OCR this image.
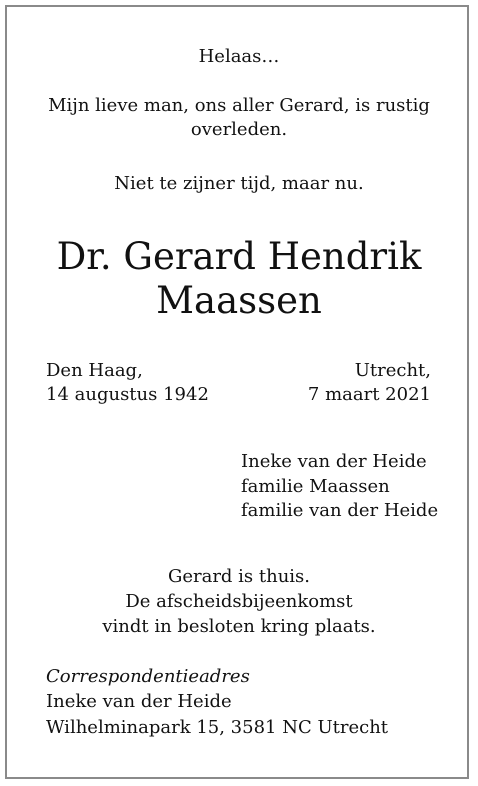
Helaas…
Mijn lieve man, ons aller Gerard, is rustig
overleden.
Niet te zijner tijd, maar nu.
Dr. Gerard Hendrik
Maassen
Den Haag,
14 augustus 1942
Utrecht,
7 maart 2021
Ineke van der Heide
familie Maassen
familie van der Heide
Gerard is thuis.
De afscheidsbijeenkomst
vindt in besloten kring plaats.
Correspondentieadres
Ineke van der Heide
Wilhelminapark 15, 3581 NC Utrecht
